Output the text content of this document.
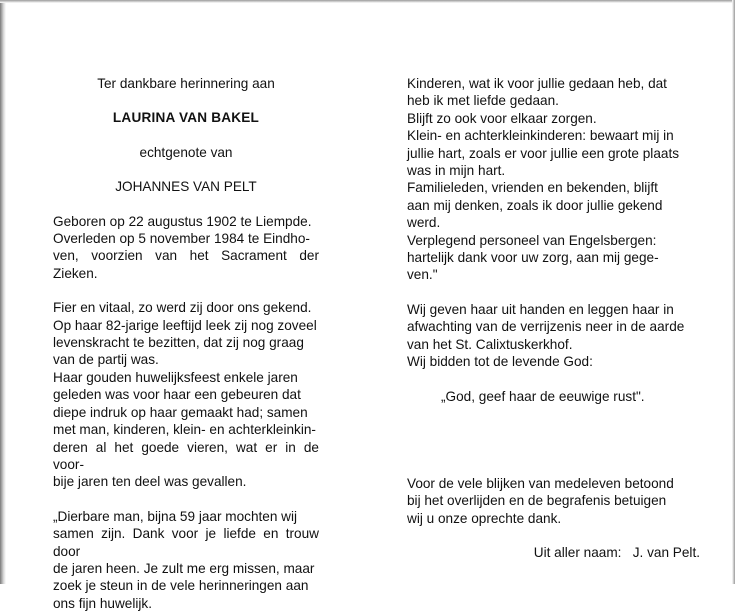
Ter dankbare herinnering aan

LAURINA VAN BAKEL

echtgenote van

JOHANNES VAN PELT

Geboren op 22 augustus 1902 te Liempde.

Overleden op 5 november 1984 te Eindho-

ven, voorzien van het Sacrament der Zieken.

Fier en vitaal, zo werd zij door ons gekend.

Op haar 82-jarige leeftijd leek zij nog zoveel

levenskracht te bezitten, dat zij nog graag

van de partij was.

Haar gouden huwelijksfeest enkele jaren

geleden was voor haar een gebeuren dat

diepe indruk op haar gemaakt had; samen

met man, kinderen, klein- en achterkleinkin-

deren al het goede vieren, wat er in de voor-

bije jaren ten deel was gevallen.

„Dierbare man, bijna 59 jaar mochten wij

samen zijn. Dank voor je liefde en trouw door

de jaren heen. Je zult me erg missen, maar

zoek je steun in de vele herinneringen aan

ons fijn huwelijk.

Kinderen, wat ik voor jullie gedaan heb, dat

heb ik met liefde gedaan.

Blijft zo ook voor elkaar zorgen.

Klein- en achterkleinkinderen: bewaart mij in

jullie hart, zoals er voor jullie een grote plaats

was in mijn hart.

Familieleden, vrienden en bekenden, blijft

aan mij denken, zoals ik door jullie gekend

werd.

Verplegend personeel van Engelsbergen:

hartelijk dank voor uw zorg, aan mij gege-

ven."

Wij geven haar uit handen en leggen haar in

afwachting van de verrijzenis neer in de aarde

van het St. Calixtuskerkhof.

Wij bidden tot de levende God:

„God, geef haar de eeuwige rust".

Voor de vele blijken van medeleven betoond

bij het overlijden en de begrafenis betuigen

wij u onze oprechte dank.

Uit aller naam:   J. van Pelt.
